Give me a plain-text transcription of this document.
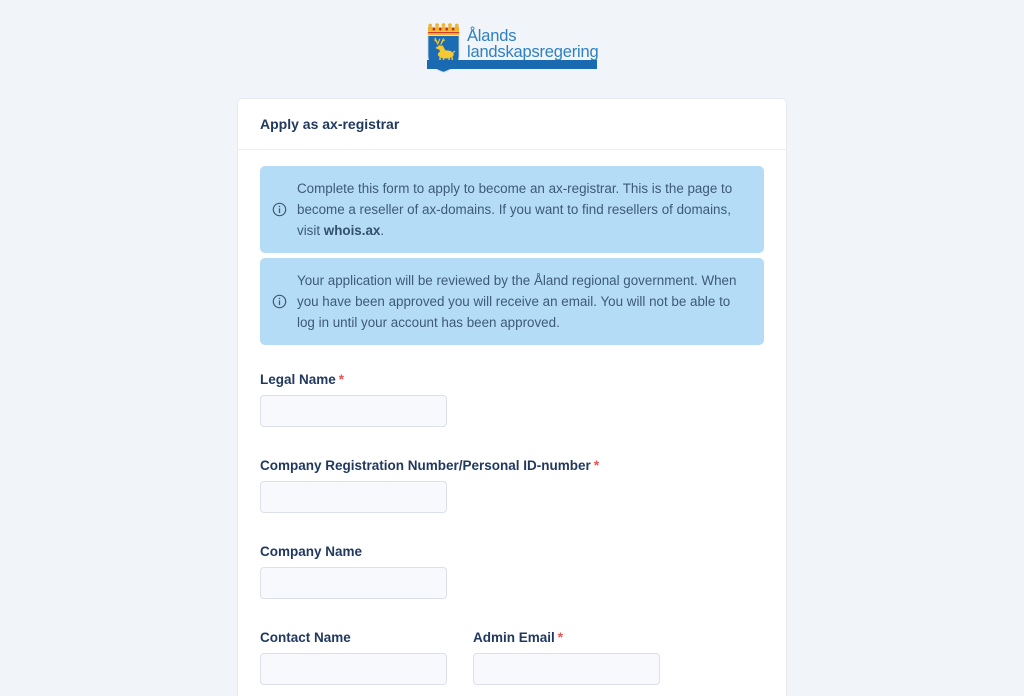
Ålands
landskapsregering
Apply as ax-registrar
Complete this form to apply to become an ax-registrar. This is the page to become a reseller of ax-domains. If you want to find resellers of domains, visit whois.ax.
Your application will be reviewed by the Åland regional government. When you have been approved you will receive an email. You will not be able to log in until your account has been approved.
Legal Name *
Company Registration Number/Personal ID-number *
Company Name
Contact Name	Admin Email *
